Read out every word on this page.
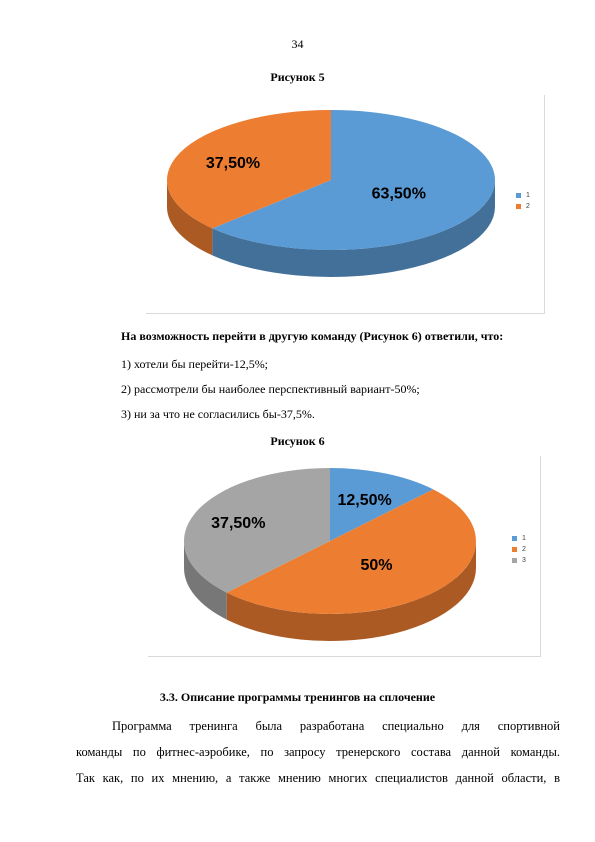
34
Рисунок 5
63,50%
37,50%
1
2
На возможность перейти в другую команду (Рисунок 6) ответили, что:
1) хотели бы перейти-12,5%;
2) рассмотрели бы наиболее перспективный вариант-50%;
3) ни за что не согласились бы-37,5%.
Рисунок 6
12,50%
50%
37,50%
1
2
3
3.3. Описание программы тренингов на сплочение
Программа тренинга была разработана специально для спортивной
команды по фитнес-аэробике, по запросу тренерского состава данной команды.
Так как, по их мнению, а также мнению многих специалистов данной области, в
